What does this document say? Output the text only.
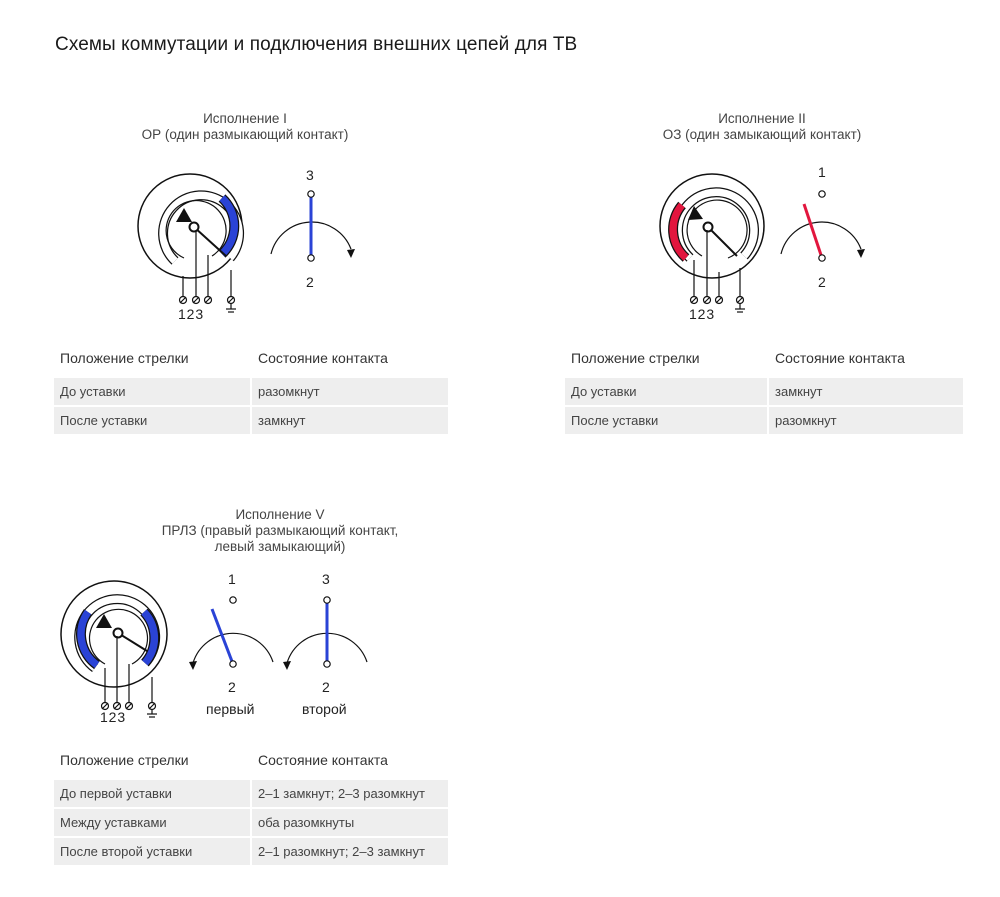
Схемы коммутации и подключения внешних цепей для ТВ
Исполнение I
ОР (один размыкающий контакт)
1 2 3
3
2
Положение стрелки	Состояние контакта
До уставки	разомкнут
После уставки	замкнут
Исполнение II
ОЗ (один замыкающий контакт)
1 2 3
1
2
Положение стрелки	Состояние контакта
До уставки	замкнут
После уставки	разомкнут
Исполнение V
ПРЛЗ (правый размыкающий контакт,
левый замыкающий)
1 2 3
1
2
первый
3
2
второй
Положение стрелки	Состояние контакта
До первой уставки	2–1 замкнут; 2–3 разомкнут
Между уставками	оба разомкнуты
После второй уставки	2–1 разомкнут; 2–3 замкнут
